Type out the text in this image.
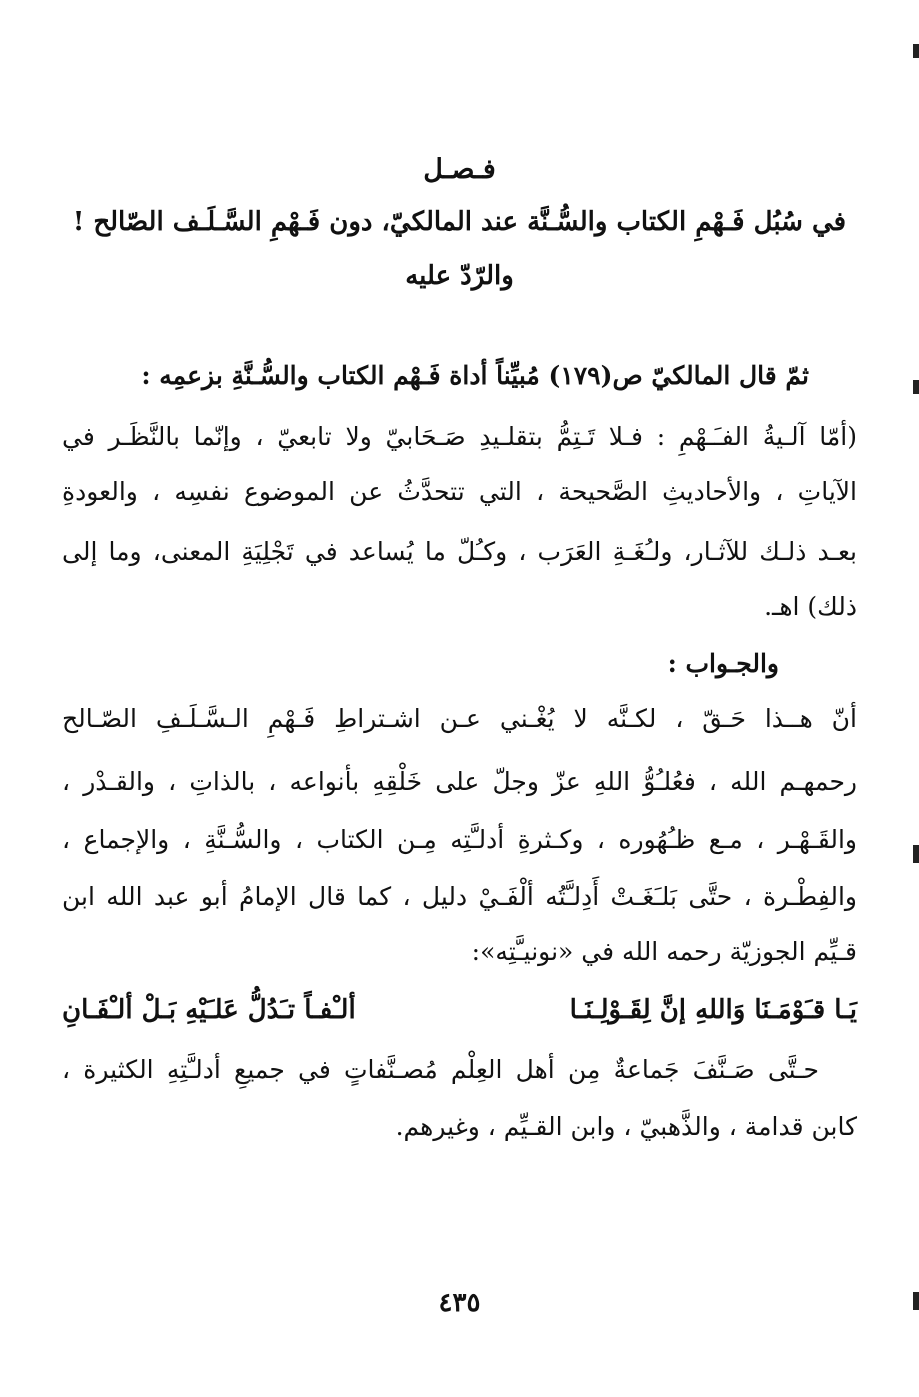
فـصـل
في سُبُل فَـهْمِ الكتاب والسُّـنَّة عند المالكيّ، دون فَـهْمِ السَّـلَـف الصّالح !
والرّدّ عليه
ثمّ قال المالكيّ ص(١٧٩) مُبيِّناً أداة فَـهْم الكتاب والسُّـنَّةِ بزعمِه :
(أمّا آلـيةُ الفـَـهْمِ : فـلا تَـتِمُّ بتقلـيدِ صَـحَابيّ ولا تابعيّ ، وإنّما بالنَّظَـر في
الآياتِ ، والأحاديثِ الصَّحيحة ، التي تتحدَّثُ عن الموضوع نفسِه ، والعودةِ
بعـد ذلـك للآثـار، ولـُغَـةِ العَرَب ، وكـُلّ ما يُساعد في تَجْلِيَةِ المعنى، وما إلى
ذلك) اهـ.
والجـواب :
أنّ هــذا حَـقّ ، لكـنَّه لا يُغْـني عـن اشـتراطِ فَـهْمِ الـسَّـلَـفِ الصّـالح
رحمهـم الله ، فعُلـُوُّ اللهِ عزّ وجلّ على خَلْقِهِ بأنواعه ، بالذاتِ ، والقـدْر ،
والقَـهْـر ، مـع ظـُهُوره ، وكـثرةِ أدلـَّتِه مِـن الكتاب ، والسُّـنَّةِ ، والإجماع ،
والفِطْـرة ، حتَّى بَلـَغَـتْ أَدِلـَّتُه ألْفَـيْ دليل ، كما قال الإمامُ أبو عبد الله ابن
قـيِّم الجوزيّة رحمه الله في «نونيـَّتِه»:
يَـا قـَوْمَـنَا وَاللهِ إنَّ لِقَـوْلِـنَـا
ألـْفـاً تـَدُلُّ عَلـَيْهِ بَـلْ ألـْفَـانِ
حـتَّى صَـنَّفَ جَماعةٌ مِن أهل العِلْم مُصـنَّفاتٍ في جميعِ أدلـَّتِهِ الكثيرة ،
كابن قدامة ، والذَّهبيّ ، وابن القـيِّم ، وغيرهم.
٤٣٥
